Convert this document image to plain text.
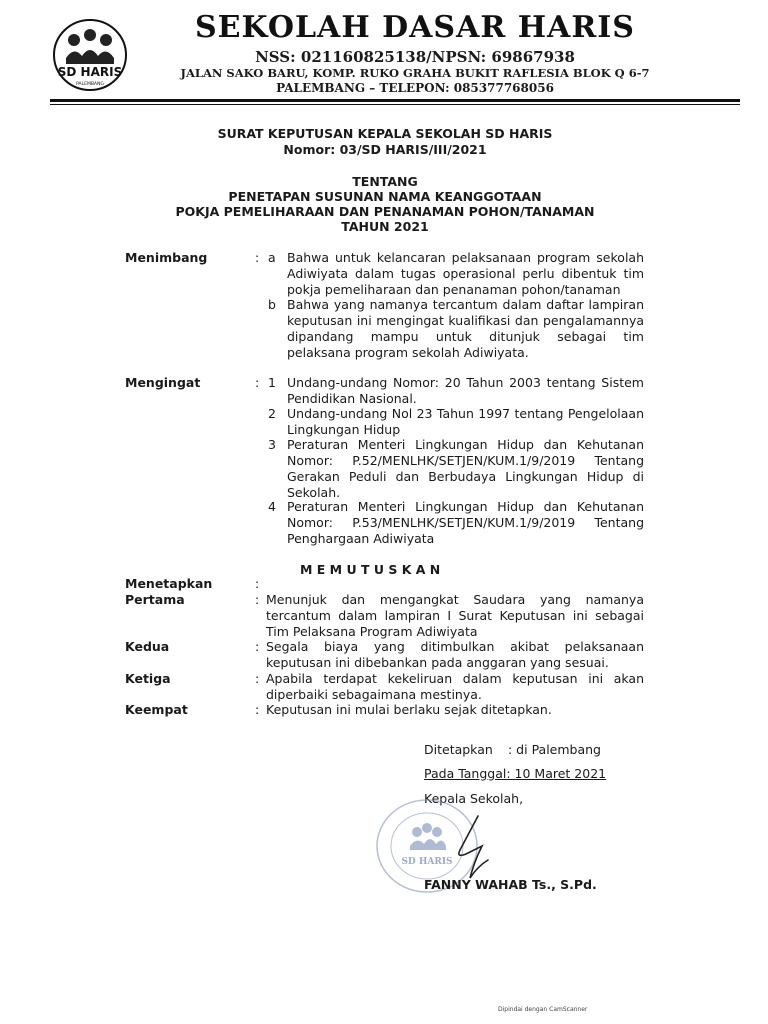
SD HARIS
PALEMBANG
SEKOLAH DASAR HARIS
NSS: 021160825138/NPSN: 69867938
JALAN SAKO BARU, KOMP. RUKO GRAHA BUKIT RAFLESIA BLOK Q 6-7
PALEMBANG – TELEPON: 085377768056
SURAT KEPUTUSAN KEPALA SEKOLAH SD HARIS
Nomor: 03/SD HARIS/III/2021
TENTANG
PENETAPAN SUSUNAN NAMA KEANGGOTAAN
POKJA PEMELIHARAAN DAN PENANAMAN POHON/TANAMAN
TAHUN 2021
Menimbang	: a Bahwa untuk kelancaran pelaksanaan program sekolah Adiwiyata dalam tugas operasional perlu dibentuk tim pokja pemeliharaan dan penanaman pohon/tanaman
b Bahwa yang namanya tercantum dalam daftar lampiran keputusan ini mengingat kualifikasi dan pengalamannya dipandang mampu untuk ditunjuk sebagai tim pelaksana program sekolah Adiwiyata.
Mengingat	: 1 Undang-undang Nomor: 20 Tahun 2003 tentang Sistem Pendidikan Nasional.
2 Undang-undang Nol 23 Tahun 1997 tentang Pengelolaan Lingkungan Hidup
3 Peraturan Menteri Lingkungan Hidup dan Kehutanan Nomor: P.52/MENLHK/SETJEN/KUM.1/9/2019 Tentang Gerakan Peduli dan Berbudaya Lingkungan Hidup di Sekolah.
4 Peraturan Menteri Lingkungan Hidup dan Kehutanan Nomor: P.53/MENLHK/SETJEN/KUM.1/9/2019 Tentang Penghargaan Adiwiyata
M E M U T U S K A N
Menetapkan	:
Pertama	: Menunjuk dan mengangkat Saudara yang namanya tercantum dalam lampiran I Surat Keputusan ini sebagai Tim Pelaksana Program Adiwiyata
Kedua	: Segala biaya yang ditimbulkan akibat pelaksanaan keputusan ini dibebankan pada anggaran yang sesuai.
Ketiga	: Apabila terdapat kekeliruan dalam keputusan ini akan diperbaiki sebagaimana mestinya.
Keempat	: Keputusan ini mulai berlaku sejak ditetapkan.
Ditetapkan : di Palembang
Pada Tanggal: 10 Maret 2021
Kepala Sekolah,
SD HARIS
FANNY WAHAB Ts., S.Pd.
Dipindai dengan CamScanner
